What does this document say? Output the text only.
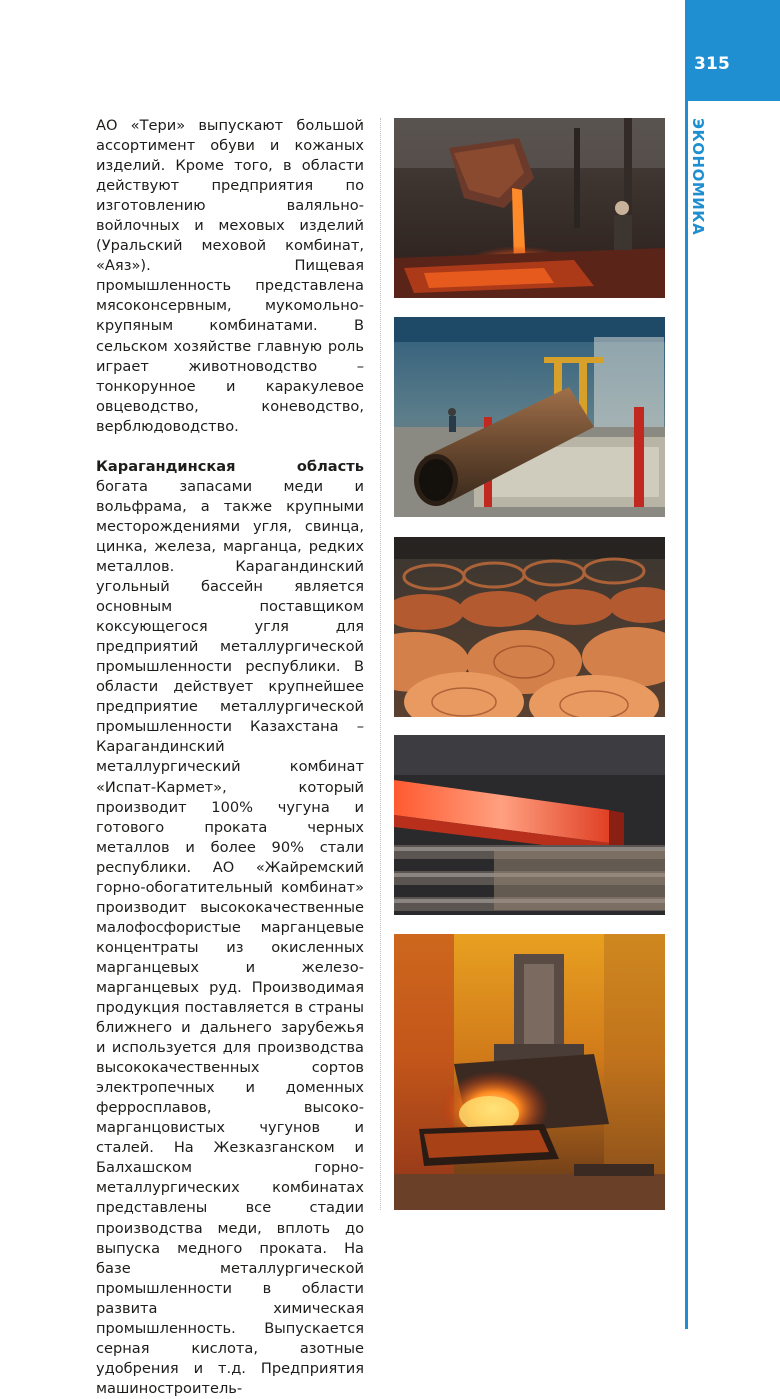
315
ЭКОНОМИКА

АО «Тери» выпускают большой ассортимент обуви и кожаных изделий. Кроме того, в области действуют предприятия по изготовлению валяльно-войлочных и меховых изделий (Уральский меховой комбинат, «Аяз»). Пищевая промышленность представлена мясоконсервным, мукомольно-крупяным комбинатами. В сельском хозяйстве главную роль играет животноводство – тонкорунное и каракулевое овцеводство, коневодство, верблюдоводство.

Карагандинская область богата запасами меди и вольфрама, а также крупными месторождениями угля, свинца, цинка, железа, марганца, редких металлов. Карагандинский угольный бассейн является основным поставщиком коксующегося угля для предприятий металлургической промышленности республики. В области действует крупнейшее предприятие металлургической промышленности Казахстана – Карагандинский металлургический комбинат «Испат-Кармет», который производит 100% чугуна и готового проката черных металлов и более 90% стали республики. АО «Жайремский горно-обогатительный комбинат» производит высококачественные малофосфористые марганцевые концентраты из окисленных марганцевых и железо-марганцевых руд. Производимая продукция поставляется в страны ближнего и дальнего зарубежья и используется для производства высококачественных сортов электропечных и доменных ферросплавов, высоко-марганцовистых чугунов и сталей. На Жезказганском и Балхашском горно-металлургических комбинатах представлены все стадии производства меди, вплоть до выпуска медного проката. На базе металлургической промышленности в области развита химическая промышленность. Выпускается серная кислота, азотные удобрения и т.д. Предприятия машиностроитель-
